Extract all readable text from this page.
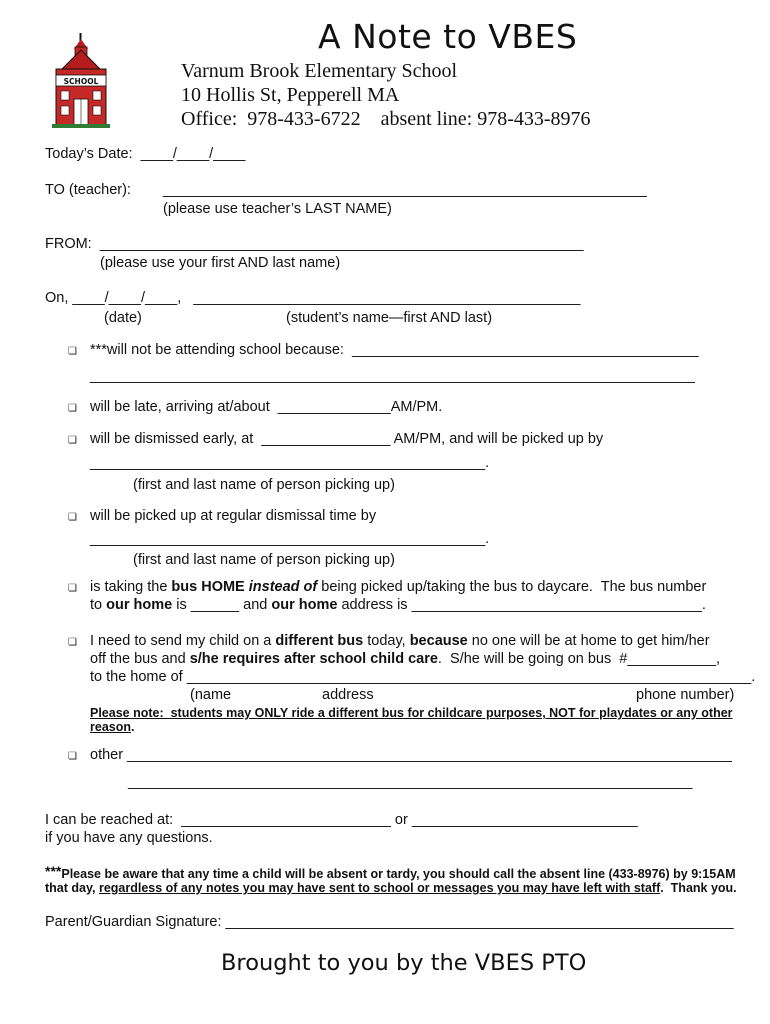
SCHOOL
A Note to VBES
Varnum Brook Elementary School
10 Hollis St, Pepperell MA
Office:  978-433-6722    absent line: 978-433-8976
Today’s Date:  ____/____/____
TO (teacher): ____________________________________________________________
(please use teacher’s LAST NAME)
FROM:  ____________________________________________________________
(please use your first AND last name)
On, ____/____/____,   ________________________________________________
(date)	(student’s name—first AND last)
❏
***will not be attending school because:  ___________________________________________
___________________________________________________________________________
❏
will be late, arriving at/about  ______________AM/PM.
❏
will be dismissed early, at  ________________ AM/PM, and will be picked up by
_________________________________________________.
(first and last name of person picking up)
❏
will be picked up at regular dismissal time by
_________________________________________________.
(first and last name of person picking up)
❏
is taking the bus HOME instead of being picked up/taking the bus to daycare.  The bus number
to our home is ______ and our home address is ____________________________________.
❏
I need to send my child on a different bus today, because no one will be at home to get him/her
off the bus and s/he requires after school child care.  S/he will be going on bus  #___________,
to the home of ______________________________________________________________________.
(name	address	phone number)
Please note:  students may ONLY ride a different bus for childcare purposes, NOT for playdates or any other
reason.
❏
other ___________________________________________________________________________
______________________________________________________________________
I can be reached at:  __________________________ or ____________________________
if you have any questions.
***Please be aware that any time a child will be absent or tardy, you should call the absent line (433-8976) by 9:15AM
that day, regardless of any notes you may have sent to school or messages you may have left with staff.  Thank you.
Parent/Guardian Signature: _______________________________________________________________
Brought to you by the VBES PTO
